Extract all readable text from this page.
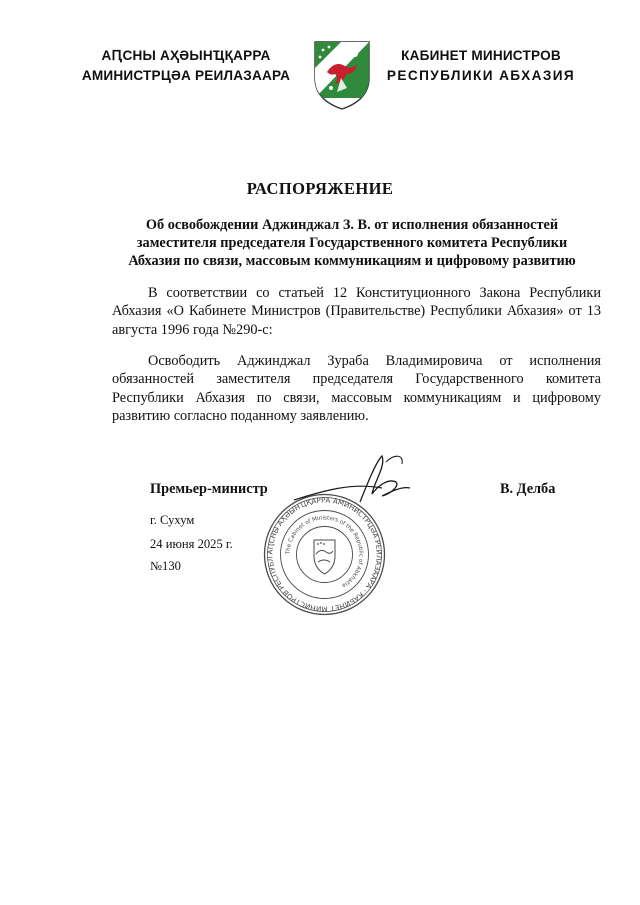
АԤСНЫ АҲӘЫНҴҚАРРА
АМИНИСТРЦӘА РЕИЛАЗААРА
КАБИНЕТ МИНИСТРОВ
РЕСПУБЛИКИ АБХАЗИЯ
РАСПОРЯЖЕНИЕ
Об освобождении Аджинджал З. В. от исполнения обязанностей
заместителя председателя Государственного комитета Республики
Абхазия по связи, массовым коммуникациям и цифровому развитию

В соответствии со статьей 12 Конституционного Закона Республики Абхазия «О Кабинете Министров (Правительстве) Республики Абхазия» от 13 августа 1996 года №290-с:

Освободить Аджинджал Зураба Владимировича от исполнения обязанностей заместителя председателя Государственного комитета Республики Абхазия по связи, массовым коммуникациям и цифровому развитию согласно поданному заявлению.

АԤСНЫ АҲӘЫНҴҚАРРА АМИНИСТРЦӘА РЕИЛАЗААРА · КАБИНЕТ МИНИСТРОВ РЕСПУБЛ
The Cabinet of Ministers of the Republic of Abkhazia
Премьер-министр	В. Делба
г. Сухум
24 июня 2025 г.
№130
